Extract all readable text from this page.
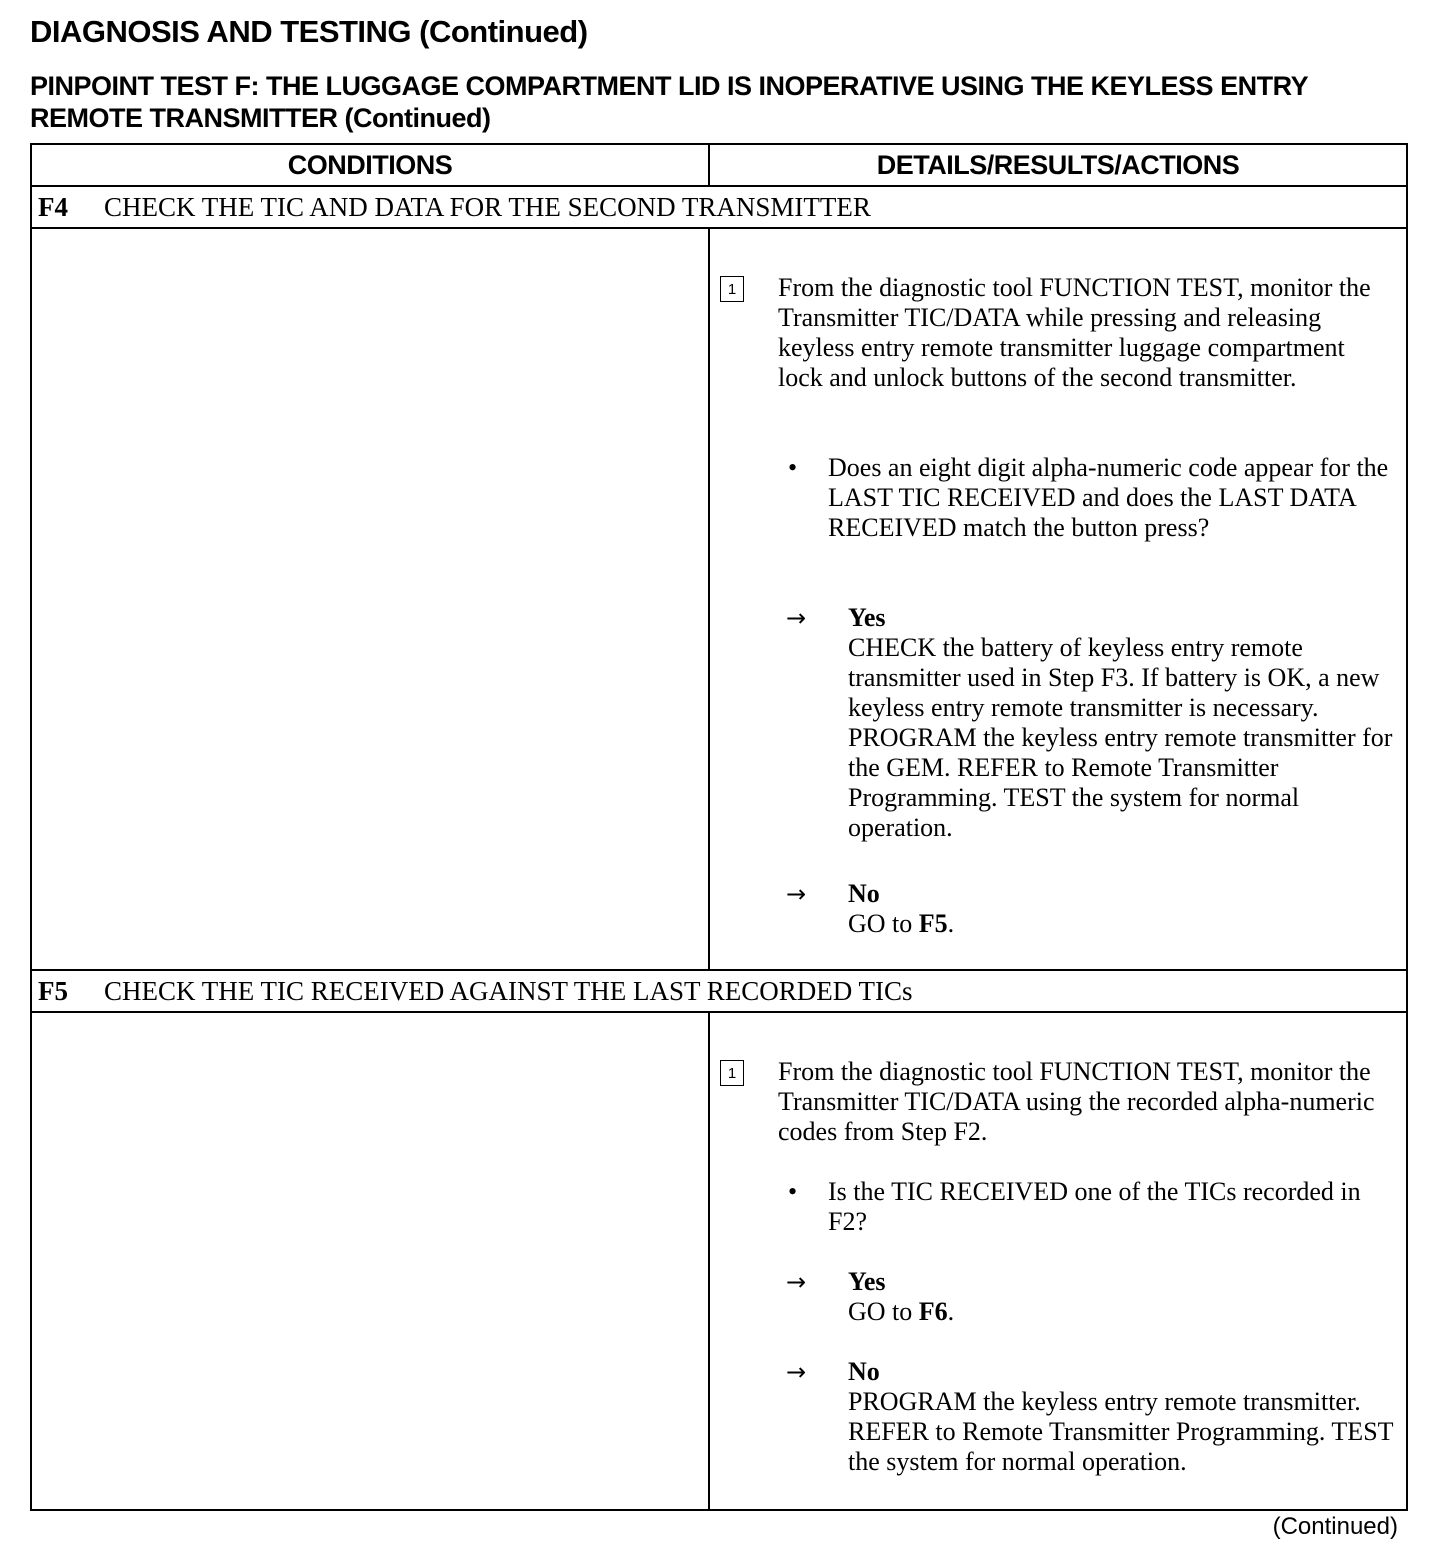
DIAGNOSIS AND TESTING (Continued)
PINPOINT TEST F: THE LUGGAGE COMPARTMENT LID IS INOPERATIVE USING THE KEYLESS ENTRY REMOTE TRANSMITTER (Continued)
CONDITIONS	DETAILS/RESULTS/ACTIONS
F4 CHECK THE TIC AND DATA FOR THE SECOND TRANSMITTER
1	From the diagnostic tool FUNCTION TEST, monitor the Transmitter TIC/DATA while pressing and releasing keyless entry remote transmitter luggage compartment lock and unlock buttons of the second transmitter.
• Does an eight digit alpha-numeric code appear for the LAST TIC RECEIVED and does the LAST DATA RECEIVED match the button press?
→ Yes
CHECK the battery of keyless entry remote transmitter used in Step F3. If battery is OK, a new keyless entry remote transmitter is necessary. PROGRAM the keyless entry remote transmitter for the GEM. REFER to Remote Transmitter Programming. TEST the system for normal operation.
→ No
GO to F5.
F5 CHECK THE TIC RECEIVED AGAINST THE LAST RECORDED TICs
1	From the diagnostic tool FUNCTION TEST, monitor the Transmitter TIC/DATA using the recorded alpha-numeric codes from Step F2.
• Is the TIC RECEIVED one of the TICs recorded in F2?
→ Yes
GO to F6.
→ No
PROGRAM the keyless entry remote transmitter. REFER to Remote Transmitter Programming. TEST the system for normal operation.
(Continued)
